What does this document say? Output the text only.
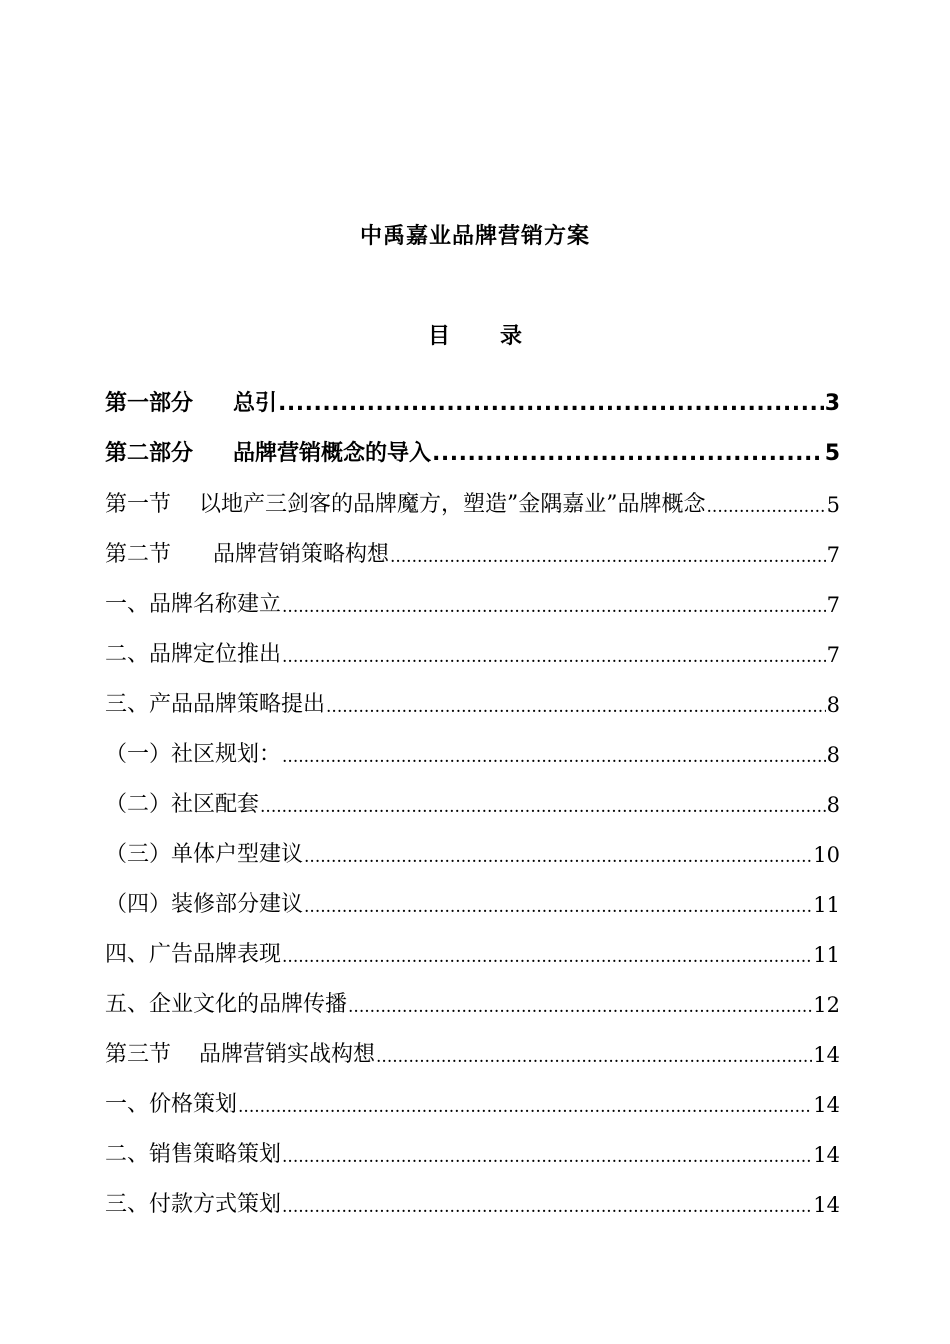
中禹嘉业品牌营销方案
目 录
第一部分 总引 .....	3
第二部分 品牌营销概念的导入 .....	5
第一节 以地产三剑客的品牌魔方，塑造”金隅嘉业”品牌概念 .....	5
第二节 品牌营销策略构想 .....	7
一、品牌名称建立 .....	7
二、品牌定位推出 .....	7
三、产品品牌策略提出 .....	8
（一）社区规划： .....	8
（二）社区配套 .....	8
（三）单体户型建议 .....	10
（四）装修部分建议 .....	11
四、广告品牌表现 .....	11
五、企业文化的品牌传播 .....	12
第三节 品牌营销实战构想 .....	14
一、价格策划 .....	14
二、销售策略策划 .....	14
三、付款方式策划 .....	14
